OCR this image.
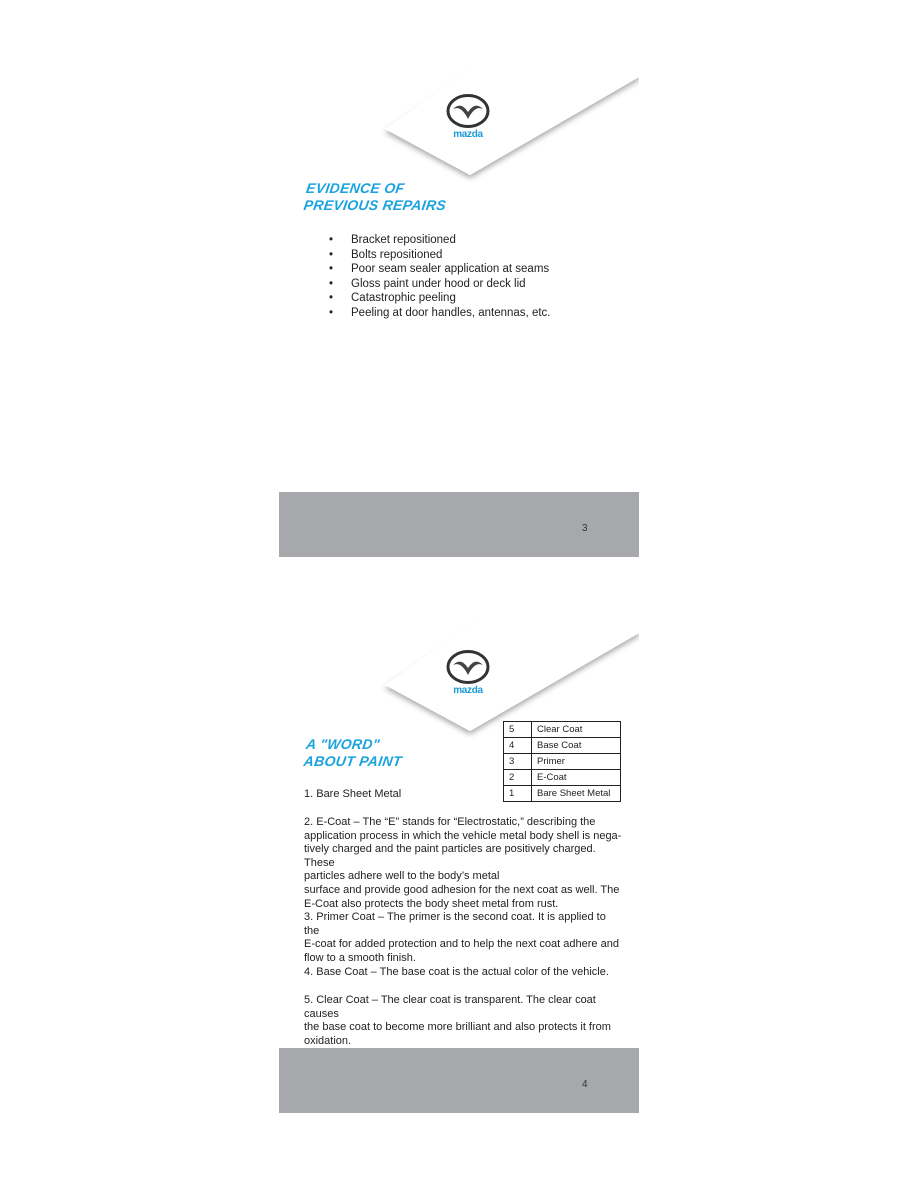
mazda
EVIDENCE OF
PREVIOUS REPAIRS
• Bracket repositioned
• Bolts repositioned
• Poor seam sealer application at seams
• Gloss paint under hood or deck lid
• Catastrophic peeling
• Peeling at door handles, antennas, etc.
3
mazda
A "WORD"
ABOUT PAINT
5	Clear Coat
4	Base Coat
3	Primer
2	E-Coat
1	Bare Sheet Metal
1. Bare Sheet Metal
2. E-Coat – The “E” stands for “Electrostatic,” describing the
application process in which the vehicle metal body shell is nega-
tively charged and the paint particles are positively charged. These
particles adhere well to the body’s metal
surface and provide good adhesion for the next coat as well. The
E-Coat also protects the body sheet metal from rust.
3. Primer Coat – The primer is the second coat. It is applied to the
E-coat for added protection and to help the next coat adhere and
flow to a smooth finish.
4. Base Coat – The base coat is the actual color of the vehicle.
5. Clear Coat – The clear coat is transparent. The clear coat causes
the base coat to become more brilliant and also protects it from
oxidation.
4
